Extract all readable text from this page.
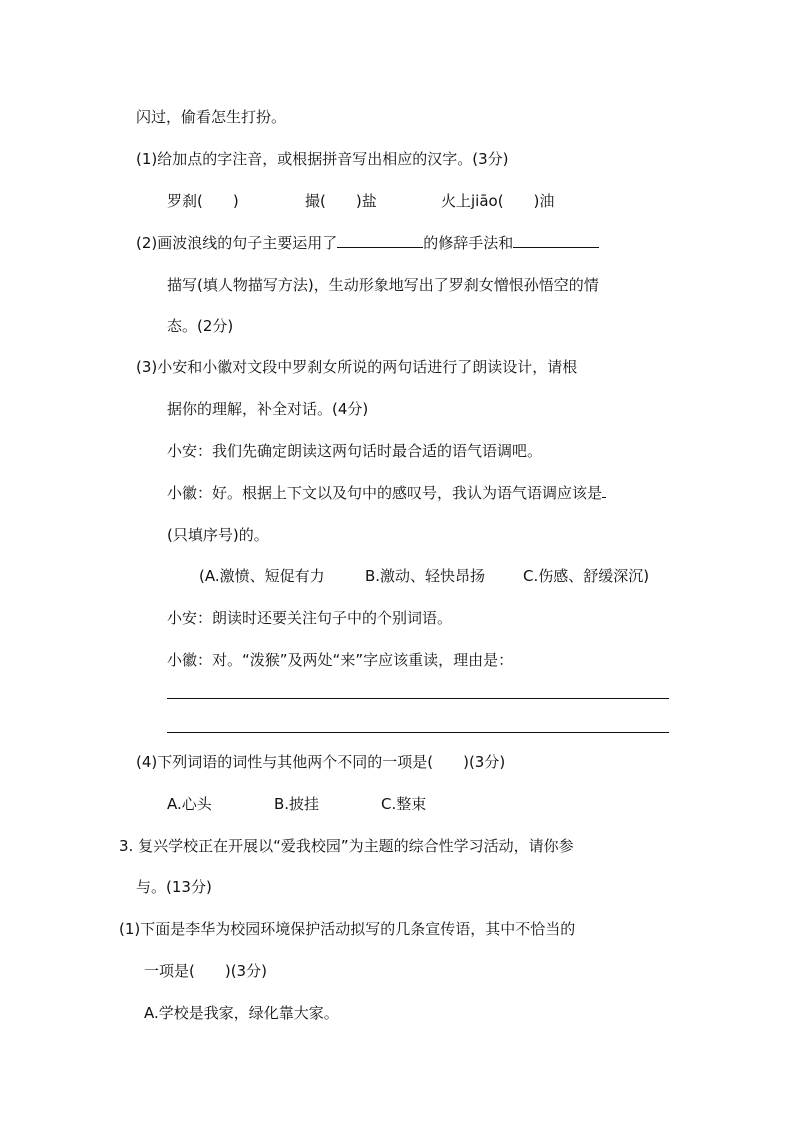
闪过，偷看怎生打扮。
(1)给加点的字注音，或根据拼音写出相应的汉字。(3分)
罗刹(　　)	撮(　　)盐	火上jiāo(　　)油
(2)画波浪线的句子主要运用了	的修辞手法和
描写(填人物描写方法)，生动形象地写出了罗刹女憎恨孙悟空的情
态。(2分)
(3)小安和小徽对文段中罗刹女所说的两句话进行了朗读设计，请根
据你的理解，补全对话。(4分)
小安：我们先确定朗读这两句话时最合适的语气语调吧。
小徽：好。根据上下文以及句中的感叹号，我认为语气语调应该是
(只填序号)的。
(A.激愤、短促有力	B.激动、轻快昂扬	C.伤感、舒缓深沉)
小安：朗读时还要关注句子中的个别词语。
小徽：对。“泼猴”及两处“来”字应该重读，理由是：
(4)下列词语的词性与其他两个不同的一项是(　　)(3分)
A.心头	B.披挂	C.整束
3. 复兴学校正在开展以“爱我校园”为主题的综合性学习活动，请你参
与。(13分)
(1)下面是李华为校园环境保护活动拟写的几条宣传语，其中不恰当的
一项是(　　)(3分)
A.学校是我家，绿化靠大家。
